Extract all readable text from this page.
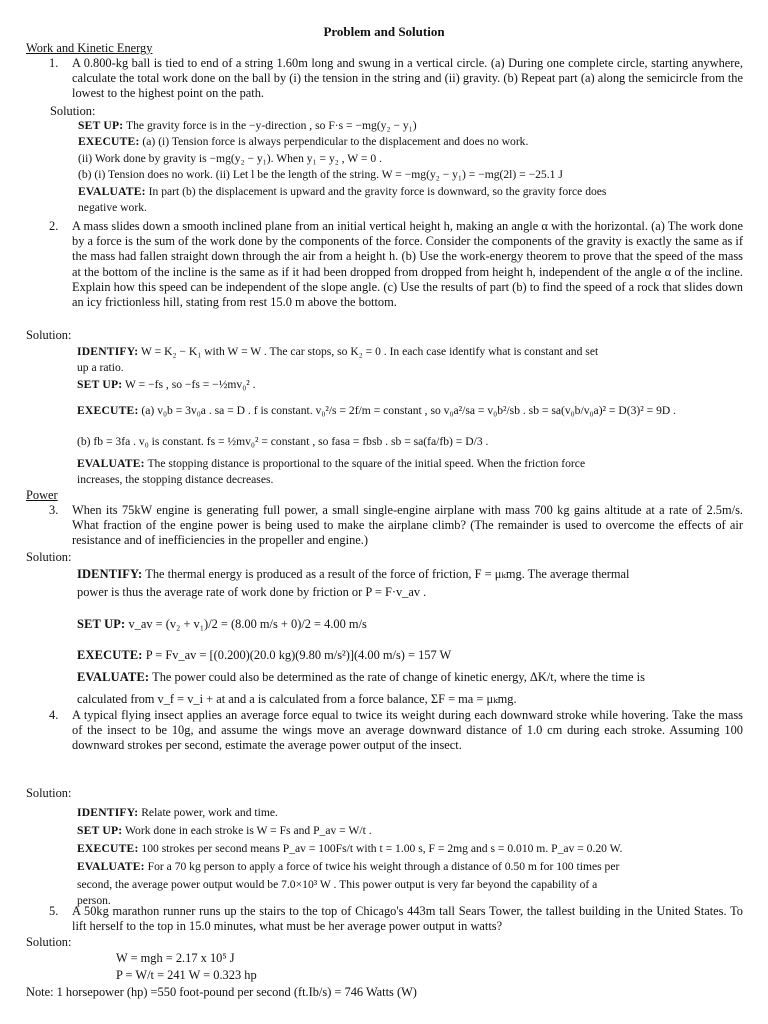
Problem and Solution
Work and Kinetic Energy
1.	A 0.800-kg ball is tied to end of a string 1.60m long and swung in a vertical circle. (a) During one complete circle, starting anywhere, calculate the total work done on the ball by (i) the tension in the string and (ii) gravity. (b) Repeat part (a) along the semicircle from the lowest to the highest point on the path.
Solution:
SET UP: The gravity force is in the −y-direction , so F·s = −mg(y₂ − y₁)
EXECUTE: (a) (i) Tension force is always perpendicular to the displacement and does no work.
(ii) Work done by gravity is −mg(y₂ − y₁). When y₁ = y₂ , W = 0 .
(b) (i) Tension does no work. (ii) Let l be the length of the string. W = −mg(y₂ − y₁) = −mg(2l) = −25.1 J
EVALUATE: In part (b) the displacement is upward and the gravity force is downward, so the gravity force does
negative work.
2.	A mass slides down a smooth inclined plane from an initial vertical height h, making an angle α with the horizontal. (a) The work done by a force is the sum of the work done by the components of the force. Consider the components of the gravity is exactly the same as if the mass had fallen straight down through the air from a height h. (b) Use the work-energy theorem to prove that the speed of the mass at the bottom of the incline is the same as if it had been dropped from dropped from height h, independent of the angle α of the incline. Explain how this speed can be independent of the slope angle. (c) Use the results of part (b) to find the speed of a rock that slides down an icy frictionless hill, stating from rest 15.0 m above the bottom.
Solution:
IDENTIFY: W = K₂ − K₁ with W = W . The car stops, so K₂ = 0 . In each case identify what is constant and set
up a ratio.
SET UP: W = −fs , so −fs = −½mv₀² .
EXECUTE: (a) v₀b = 3v₀a . sa = D . f is constant. v₀²/s = 2f/m = constant , so v₀a²/sa = v₀b²/sb . sb = sa(v₀b/v₀a)² = D(3)² = 9D .
(b) fb = 3fa . v₀ is constant. fs = ½mv₀² = constant , so fasa = fbsb . sb = sa(fa/fb) = D/3 .
EVALUATE: The stopping distance is proportional to the square of the initial speed. When the friction force
increases, the stopping distance decreases.
Power
3.	When its 75kW engine is generating full power, a small single-engine airplane with mass 700 kg gains altitude at a rate of 2.5m/s. What fraction of the engine power is being used to make the airplane climb? (The remainder is used to overcome the effects of air resistance and of inefficiencies in the propeller and engine.)
Solution:
IDENTIFY: The thermal energy is produced as a result of the force of friction, F = μₖmg. The average thermal
power is thus the average rate of work done by friction or P = F·v_av .
SET UP: v_av = (v₂ + v₁)/2 = (8.00 m/s + 0)/2 = 4.00 m/s
EXECUTE: P = Fv_av = [(0.200)(20.0 kg)(9.80 m/s²)](4.00 m/s) = 157 W
EVALUATE: The power could also be determined as the rate of change of kinetic energy, ΔK/t, where the time is
calculated from v_f = v_i + at and a is calculated from a force balance, ΣF = ma = μₖmg.
4.	A typical flying insect applies an average force equal to twice its weight during each downward stroke while hovering. Take the mass of the insect to be 10g, and assume the wings move an average downward distance of 1.0 cm during each stroke. Assuming 100 downward strokes per second, estimate the average power output of the insect.
Solution:
IDENTIFY: Relate power, work and time.
SET UP: Work done in each stroke is W = Fs and P_av = W/t .
EXECUTE: 100 strokes per second means P_av = 100Fs/t with t = 1.00 s, F = 2mg and s = 0.010 m. P_av = 0.20 W.
EVALUATE: For a 70 kg person to apply a force of twice his weight through a distance of 0.50 m for 100 times per
second, the average power output would be 7.0×10³ W . This power output is very far beyond the capability of a
person.
5.	A 50kg marathon runner runs up the stairs to the top of Chicago's 443m tall Sears Tower, the tallest building in the United States. To lift herself to the top in 15.0 minutes, what must be her average power output in watts?
Solution:
W = mgh = 2.17 x 10⁵ J
P = W/t = 241 W = 0.323 hp
Note: 1 horsepower (hp) =550 foot-pound per second (ft.Ib/s) = 746 Watts (W)
